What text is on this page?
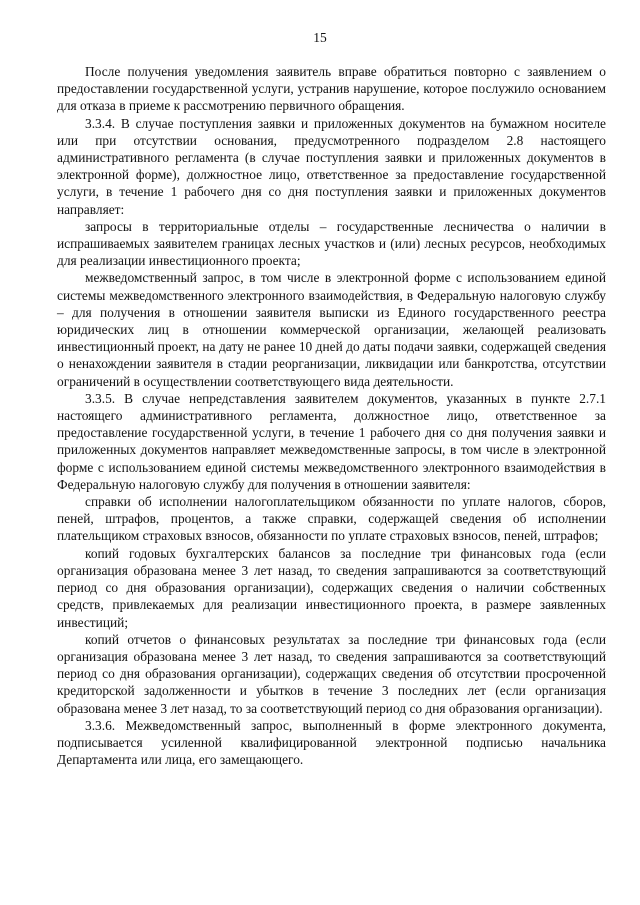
15

После получения уведомления заявитель вправе обратиться повторно с заявлением о предоставлении государственной услуги, устранив нарушение, которое послужило основанием для отказа в приеме к рассмотрению первичного обращения.

3.3.4. В случае поступления заявки и приложенных документов на бумажном носителе или при отсутствии основания, предусмотренного подразделом 2.8 настоящего административного регламента (в случае поступления заявки и приложенных документов в электронной форме), должностное лицо, ответственное за предоставление государственной услуги, в течение 1 рабочего дня со дня поступления заявки и приложенных документов направляет:

запросы в территориальные отделы – государственные лесничества о наличии в испрашиваемых заявителем границах лесных участков и (или) лесных ресурсов, необходимых для реализации инвестиционного проекта;

межведомственный запрос, в том числе в электронной форме с использованием единой системы межведомственного электронного взаимодействия, в Федеральную налоговую службу – для получения в отношении заявителя выписки из Единого государственного реестра юридических лиц в отношении коммерческой организации, желающей реализовать инвестиционный проект, на дату не ранее 10 дней до даты подачи заявки, содержащей сведения о ненахождении заявителя в стадии реорганизации, ликвидации или банкротства, отсутствии ограничений в осуществлении соответствующего вида деятельности.

3.3.5. В случае непредставления заявителем документов, указанных в пункте 2.7.1 настоящего административного регламента, должностное лицо, ответственное за предоставление государственной услуги, в течение 1 рабочего дня со дня получения заявки и приложенных документов направляет межведомственные запросы, в том числе в электронной форме с использованием единой системы межведомственного электронного взаимодействия в Федеральную налоговую службу для получения в отношении заявителя:

справки об исполнении налогоплательщиком обязанности по уплате налогов, сборов, пеней, штрафов, процентов, а также справки, содержащей сведения об исполнении плательщиком страховых взносов, обязанности по уплате страховых взносов, пеней, штрафов;

копий годовых бухгалтерских балансов за последние три финансовых года (если организация образована менее 3 лет назад, то сведения запрашиваются за соответствующий период со дня образования организации), содержащих сведения о наличии собственных средств, привлекаемых для реализации инвестиционного проекта, в размере заявленных инвестиций;

копий отчетов о финансовых результатах за последние три финансовых года (если организация образована менее 3 лет назад, то сведения запрашиваются за соответствующий период со дня образования организации), содержащих сведения об отсутствии просроченной кредиторской задолженности и убытков в течение 3 последних лет (если организация образована менее 3 лет назад, то за соответствующий период со дня образования организации).

3.3.6. Межведомственный запрос, выполненный в форме электронного документа, подписывается усиленной квалифицированной электронной подписью начальника Департамента или лица, его замещающего.
